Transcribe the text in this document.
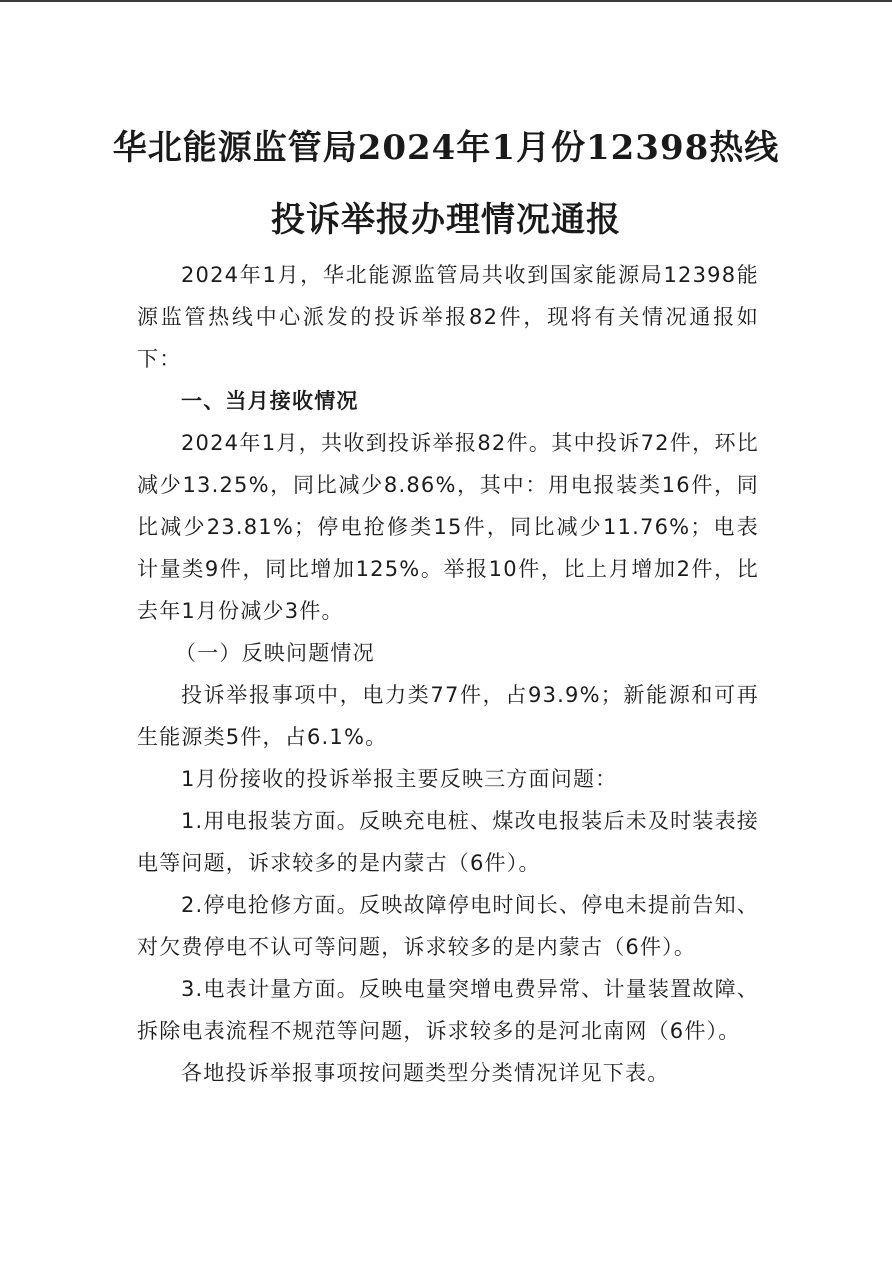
华北能源监管局2024年1月份12398热线
投诉举报办理情况通报

2024年1月，华北能源监管局共收到国家能源局12398能源监管热线中心派发的投诉举报82件，现将有关情况通报如下：

一、当月接收情况

2024年1月，共收到投诉举报82件。其中投诉72件，环比减少13.25%，同比减少8.86%，其中：用电报装类16件，同比减少23.81%；停电抢修类15件，同比减少11.76%；电表计量类9件，同比增加125%。举报10件，比上月增加2件，比去年1月份减少3件。

（一）反映问题情况

投诉举报事项中，电力类77件，占93.9%；新能源和可再生能源类5件，占6.1%。

1月份接收的投诉举报主要反映三方面问题：

1.用电报装方面。反映充电桩、煤改电报装后未及时装表接电等问题，诉求较多的是内蒙古（6件）。

2.停电抢修方面。反映故障停电时间长、停电未提前告知、对欠费停电不认可等问题，诉求较多的是内蒙古（6件）。

3.电表计量方面。反映电量突增电费异常、计量装置故障、拆除电表流程不规范等问题，诉求较多的是河北南网（6件）。

各地投诉举报事项按问题类型分类情况详见下表。
